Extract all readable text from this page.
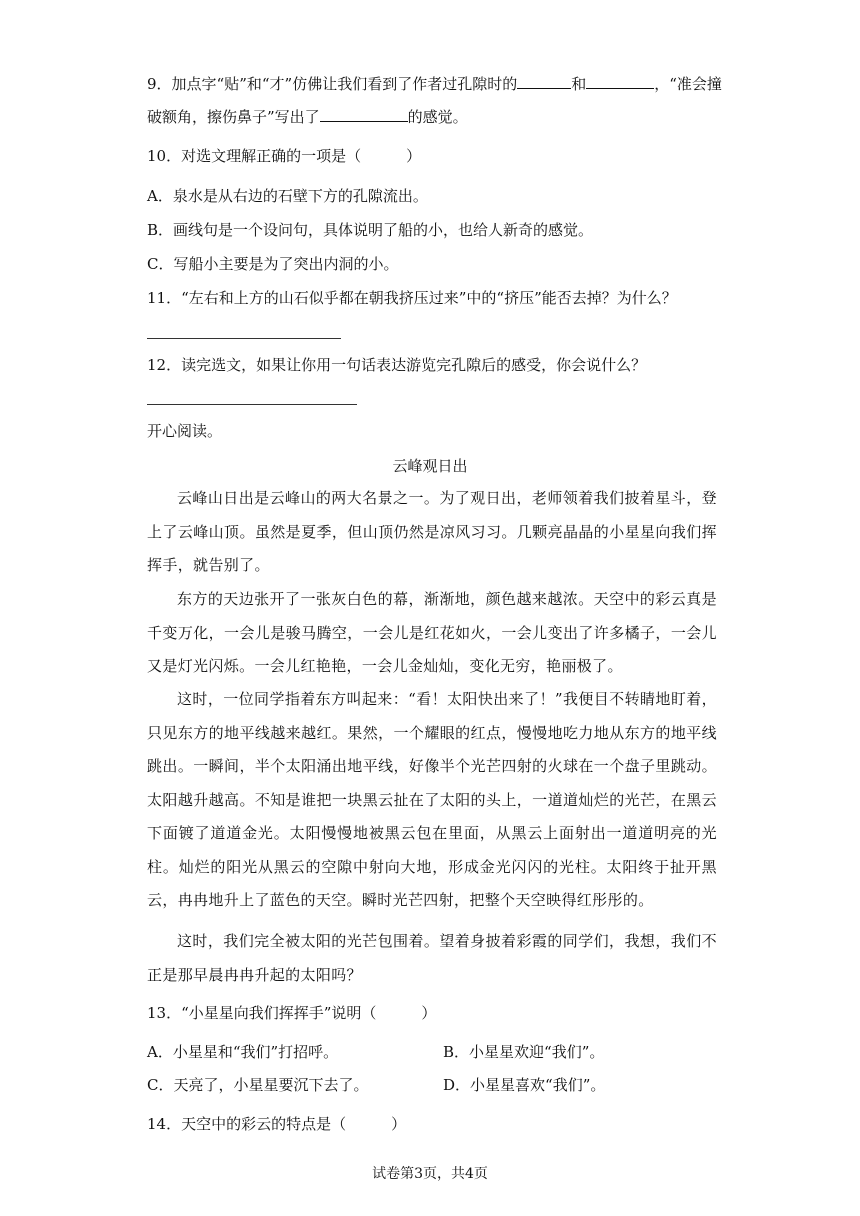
9．加点字“贴”和“才”仿佛让我们看到了作者过孔隙时的	和	，“准会撞
破额角，擦伤鼻子”写出了	的感觉。
10．对选文理解正确的一项是（　　　）
A．泉水是从右边的石壁下方的孔隙流出。
B．画线句是一个设问句，具体说明了船的小，也给人新奇的感觉。
C．写船小主要是为了突出内洞的小。
11．“左右和上方的山石似乎都在朝我挤压过来”中的“挤压”能否去掉？为什么？
12．读完选文，如果让你用一句话表达游览完孔隙后的感受，你会说什么？
开心阅读。
云峰观日出
云峰山日出是云峰山的两大名景之一。为了观日出，老师领着我们披着星斗，登上了云峰山顶。虽然是夏季，但山顶仍然是凉风习习。几颗亮晶晶的小星星向我们挥挥手，就告别了。
东方的天边张开了一张灰白色的幕，渐渐地，颜色越来越浓。天空中的彩云真是千变万化，一会儿是骏马腾空，一会儿是红花如火，一会儿变出了许多橘子，一会儿又是灯光闪烁。一会儿红艳艳，一会儿金灿灿，变化无穷，艳丽极了。
这时，一位同学指着东方叫起来：“看！太阳快出来了！”我便目不转睛地盯着，只见东方的地平线越来越红。果然，一个耀眼的红点，慢慢地吃力地从东方的地平线跳出。一瞬间，半个太阳涌出地平线，好像半个光芒四射的火球在一个盘子里跳动。太阳越升越高。不知是谁把一块黑云扯在了太阳的头上，一道道灿烂的光芒，在黑云下面镀了道道金光。太阳慢慢地被黑云包在里面，从黑云上面射出一道道明亮的光柱。灿烂的阳光从黑云的空隙中射向大地，形成金光闪闪的光柱。太阳终于扯开黑云，冉冉地升上了蓝色的天空。瞬时光芒四射，把整个天空映得红彤彤的。
这时，我们完全被太阳的光芒包围着。望着身披着彩霞的同学们，我想，我们不正是那早晨冉冉升起的太阳吗？
13．“小星星向我们挥挥手”说明（　　　）
A．小星星和“我们”打招呼。	B．小星星欢迎“我们”。
C．天亮了，小星星要沉下去了。	D．小星星喜欢“我们”。
14．天空中的彩云的特点是（　　　）
试卷第3页，共4页
